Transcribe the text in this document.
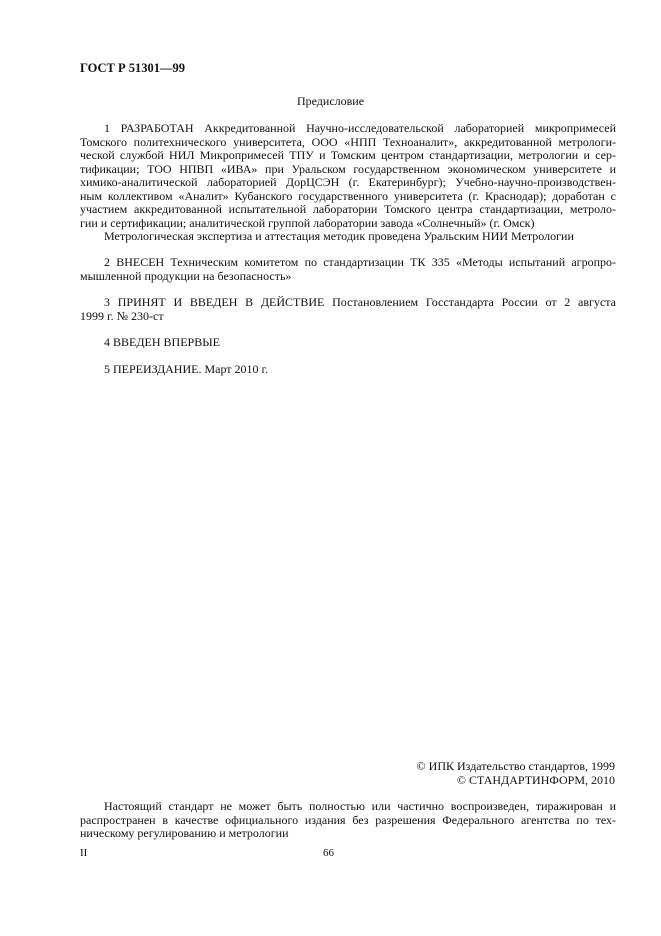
ГОСТ Р 51301—99
Предисловие
1 РАЗРАБОТАН Аккредитованной Научно-исследовательской лабораторией микропримесей
Томского политехнического университета, ООО «НПП Техноаналит», аккредитованной метрологи-
ческой службой НИЛ Микропримесей ТПУ и Томским центром стандартизации, метрологии и сер-
тификации; ТОО НПВП «ИВА» при Уральском государственном экономическом университете и
химико-аналитической лабораторией ДорЦСЭН (г. Екатеринбург); Учебно-научно-производствен-
ным коллективом «Аналит» Кубанского государственного университета (г. Краснодар); доработан с
участием аккредитованной испытательной лаборатории Томского центра стандартизации, метроло-
гии и сертификации; аналитической группой лаборатории завода «Солнечный» (г. Омск)
Метрологическая экспертиза и аттестация методик проведена Уральским НИИ Метрологии
2 ВНЕСЕН Техническим комитетом по стандартизации ТК 335 «Методы испытаний агропро-
мышленной продукции на безопасность»
3 ПРИНЯТ И ВВЕДЕН В ДЕЙСТВИЕ Постановлением Госстандарта России от 2 августа
1999 г. № 230-ст
4 ВВЕДЕН ВПЕРВЫЕ
5 ПЕРЕИЗДАНИЕ. Март 2010 г.
© ИПК Издательство стандартов, 1999
© СТАНДАРТИНФОРМ, 2010
Настоящий стандарт не может быть полностью или частично воспроизведен, тиражирован и
распространен в качестве официального издания без разрешения Федерального агентства по тех-
ническому регулированию и метрологии
II	66
